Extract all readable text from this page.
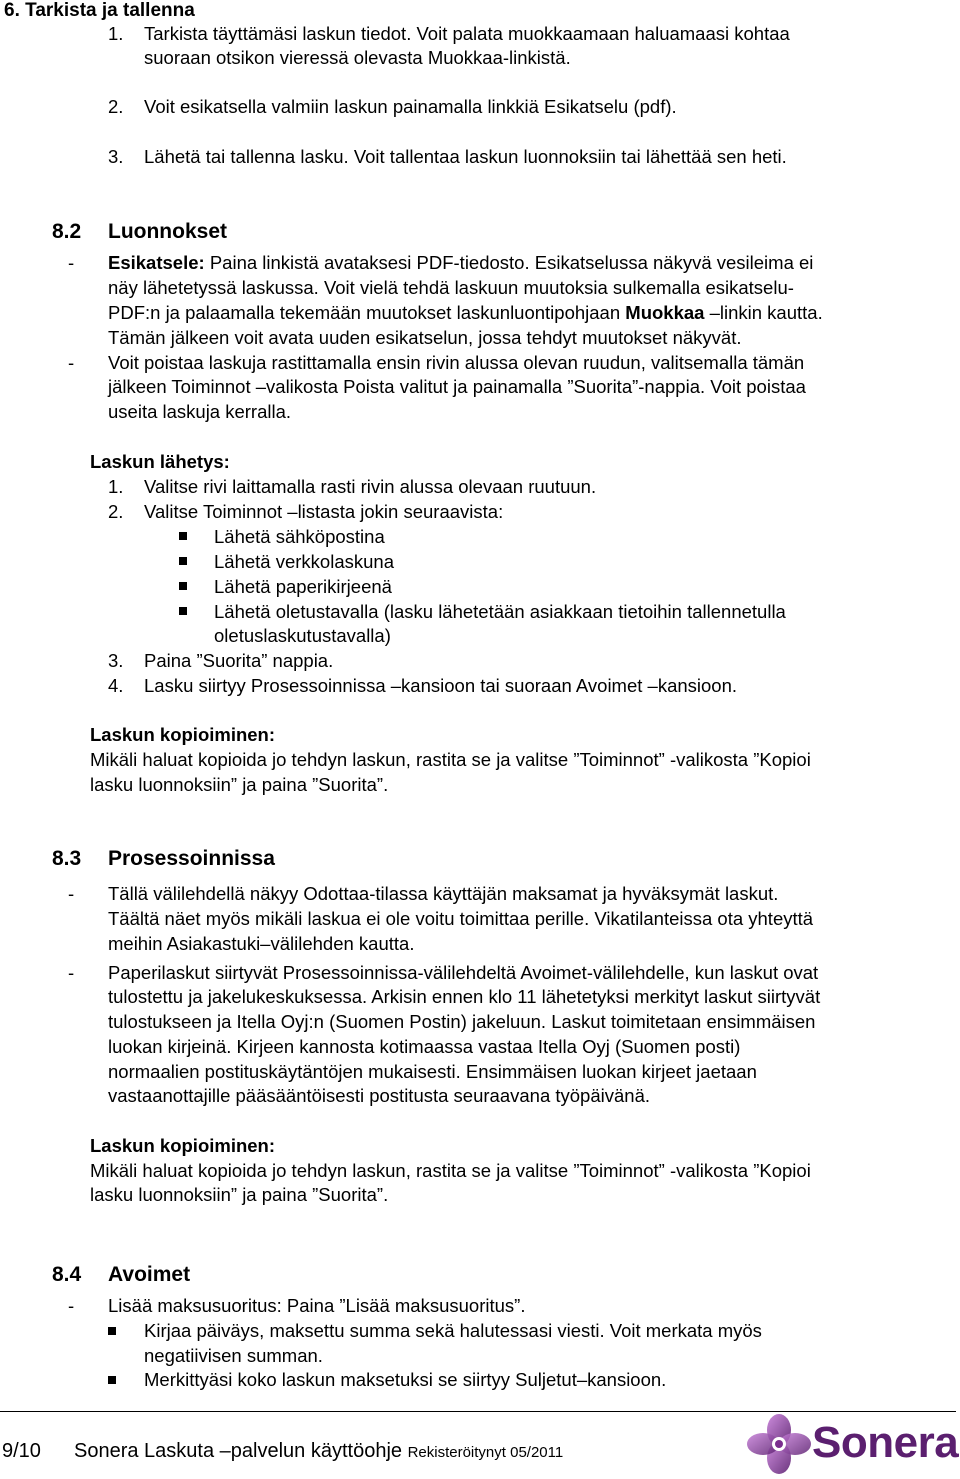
6. Tarkista ja tallenna
1. Tarkista täyttämäsi laskun tiedot. Voit palata muokkaamaan haluamaasi kohtaa
suoraan otsikon vieressä olevasta Muokkaa-linkistä.
2. Voit esikatsella valmiin laskun painamalla linkkiä Esikatselu (pdf).
3. Lähetä tai tallenna lasku. Voit tallentaa laskun luonnoksiin tai lähettää sen heti.
8.2 Luonnokset
- Esikatsele: Paina linkistä avataksesi PDF-tiedosto. Esikatselussa näkyvä vesileima ei
näy lähetetyssä laskussa. Voit vielä tehdä laskuun muutoksia sulkemalla esikatselu-
PDF:n ja palaamalla tekemään muutokset laskunluontipohjaan Muokkaa –linkin kautta.
Tämän jälkeen voit avata uuden esikatselun, jossa tehdyt muutokset näkyvät.
- Voit poistaa laskuja rastittamalla ensin rivin alussa olevan ruudun, valitsemalla tämän
jälkeen Toiminnot –valikosta Poista valitut ja painamalla ”Suorita”-nappia. Voit poistaa
useita laskuja kerralla.
Laskun lähetys:
1. Valitse rivi laittamalla rasti rivin alussa olevaan ruutuun.
2. Valitse Toiminnot –listasta jokin seuraavista:
Lähetä sähköpostina
Lähetä verkkolaskuna
Lähetä paperikirjeenä
Lähetä oletustavalla (lasku lähetetään asiakkaan tietoihin tallennetulla
oletuslaskutustavalla)
3. Paina ”Suorita” nappia.
4. Lasku siirtyy Prosessoinnissa –kansioon tai suoraan Avoimet –kansioon.
Laskun kopioiminen:
Mikäli haluat kopioida jo tehdyn laskun, rastita se ja valitse ”Toiminnot” -valikosta ”Kopioi
lasku luonnoksiin” ja paina ”Suorita”.
8.3 Prosessoinnissa
- Tällä välilehdellä näkyy Odottaa-tilassa käyttäjän maksamat ja hyväksymät laskut.
Täältä näet myös mikäli laskua ei ole voitu toimittaa perille. Vikatilanteissa ota yhteyttä
meihin Asiakastuki–välilehden kautta.
- Paperilaskut siirtyvät Prosessoinnissa-välilehdeltä Avoimet-välilehdelle, kun laskut ovat
tulostettu ja jakelukeskuksessa. Arkisin ennen klo 11 lähetetyksi merkityt laskut siirtyvät
tulostukseen ja Itella Oyj:n (Suomen Postin) jakeluun. Laskut toimitetaan ensimmäisen
luokan kirjeinä. Kirjeen kannosta kotimaassa vastaa Itella Oyj (Suomen posti)
normaalien postituskäytäntöjen mukaisesti. Ensimmäisen luokan kirjeet jaetaan
vastaanottajille pääsääntöisesti postitusta seuraavana työpäivänä.
Laskun kopioiminen:
Mikäli haluat kopioida jo tehdyn laskun, rastita se ja valitse ”Toiminnot” -valikosta ”Kopioi
lasku luonnoksiin” ja paina ”Suorita”.
8.4 Avoimet
- Lisää maksusuoritus: Paina ”Lisää maksusuoritus”.
Kirjaa päiväys, maksettu summa sekä halutessasi viesti. Voit merkata myös
negatiivisen summan.
Merkittyäsi koko laskun maksetuksi se siirtyy Suljetut–kansioon.
9/10 Sonera Laskuta –palvelun käyttöohje Rekisteröitynyt 05/2011	Sonera
